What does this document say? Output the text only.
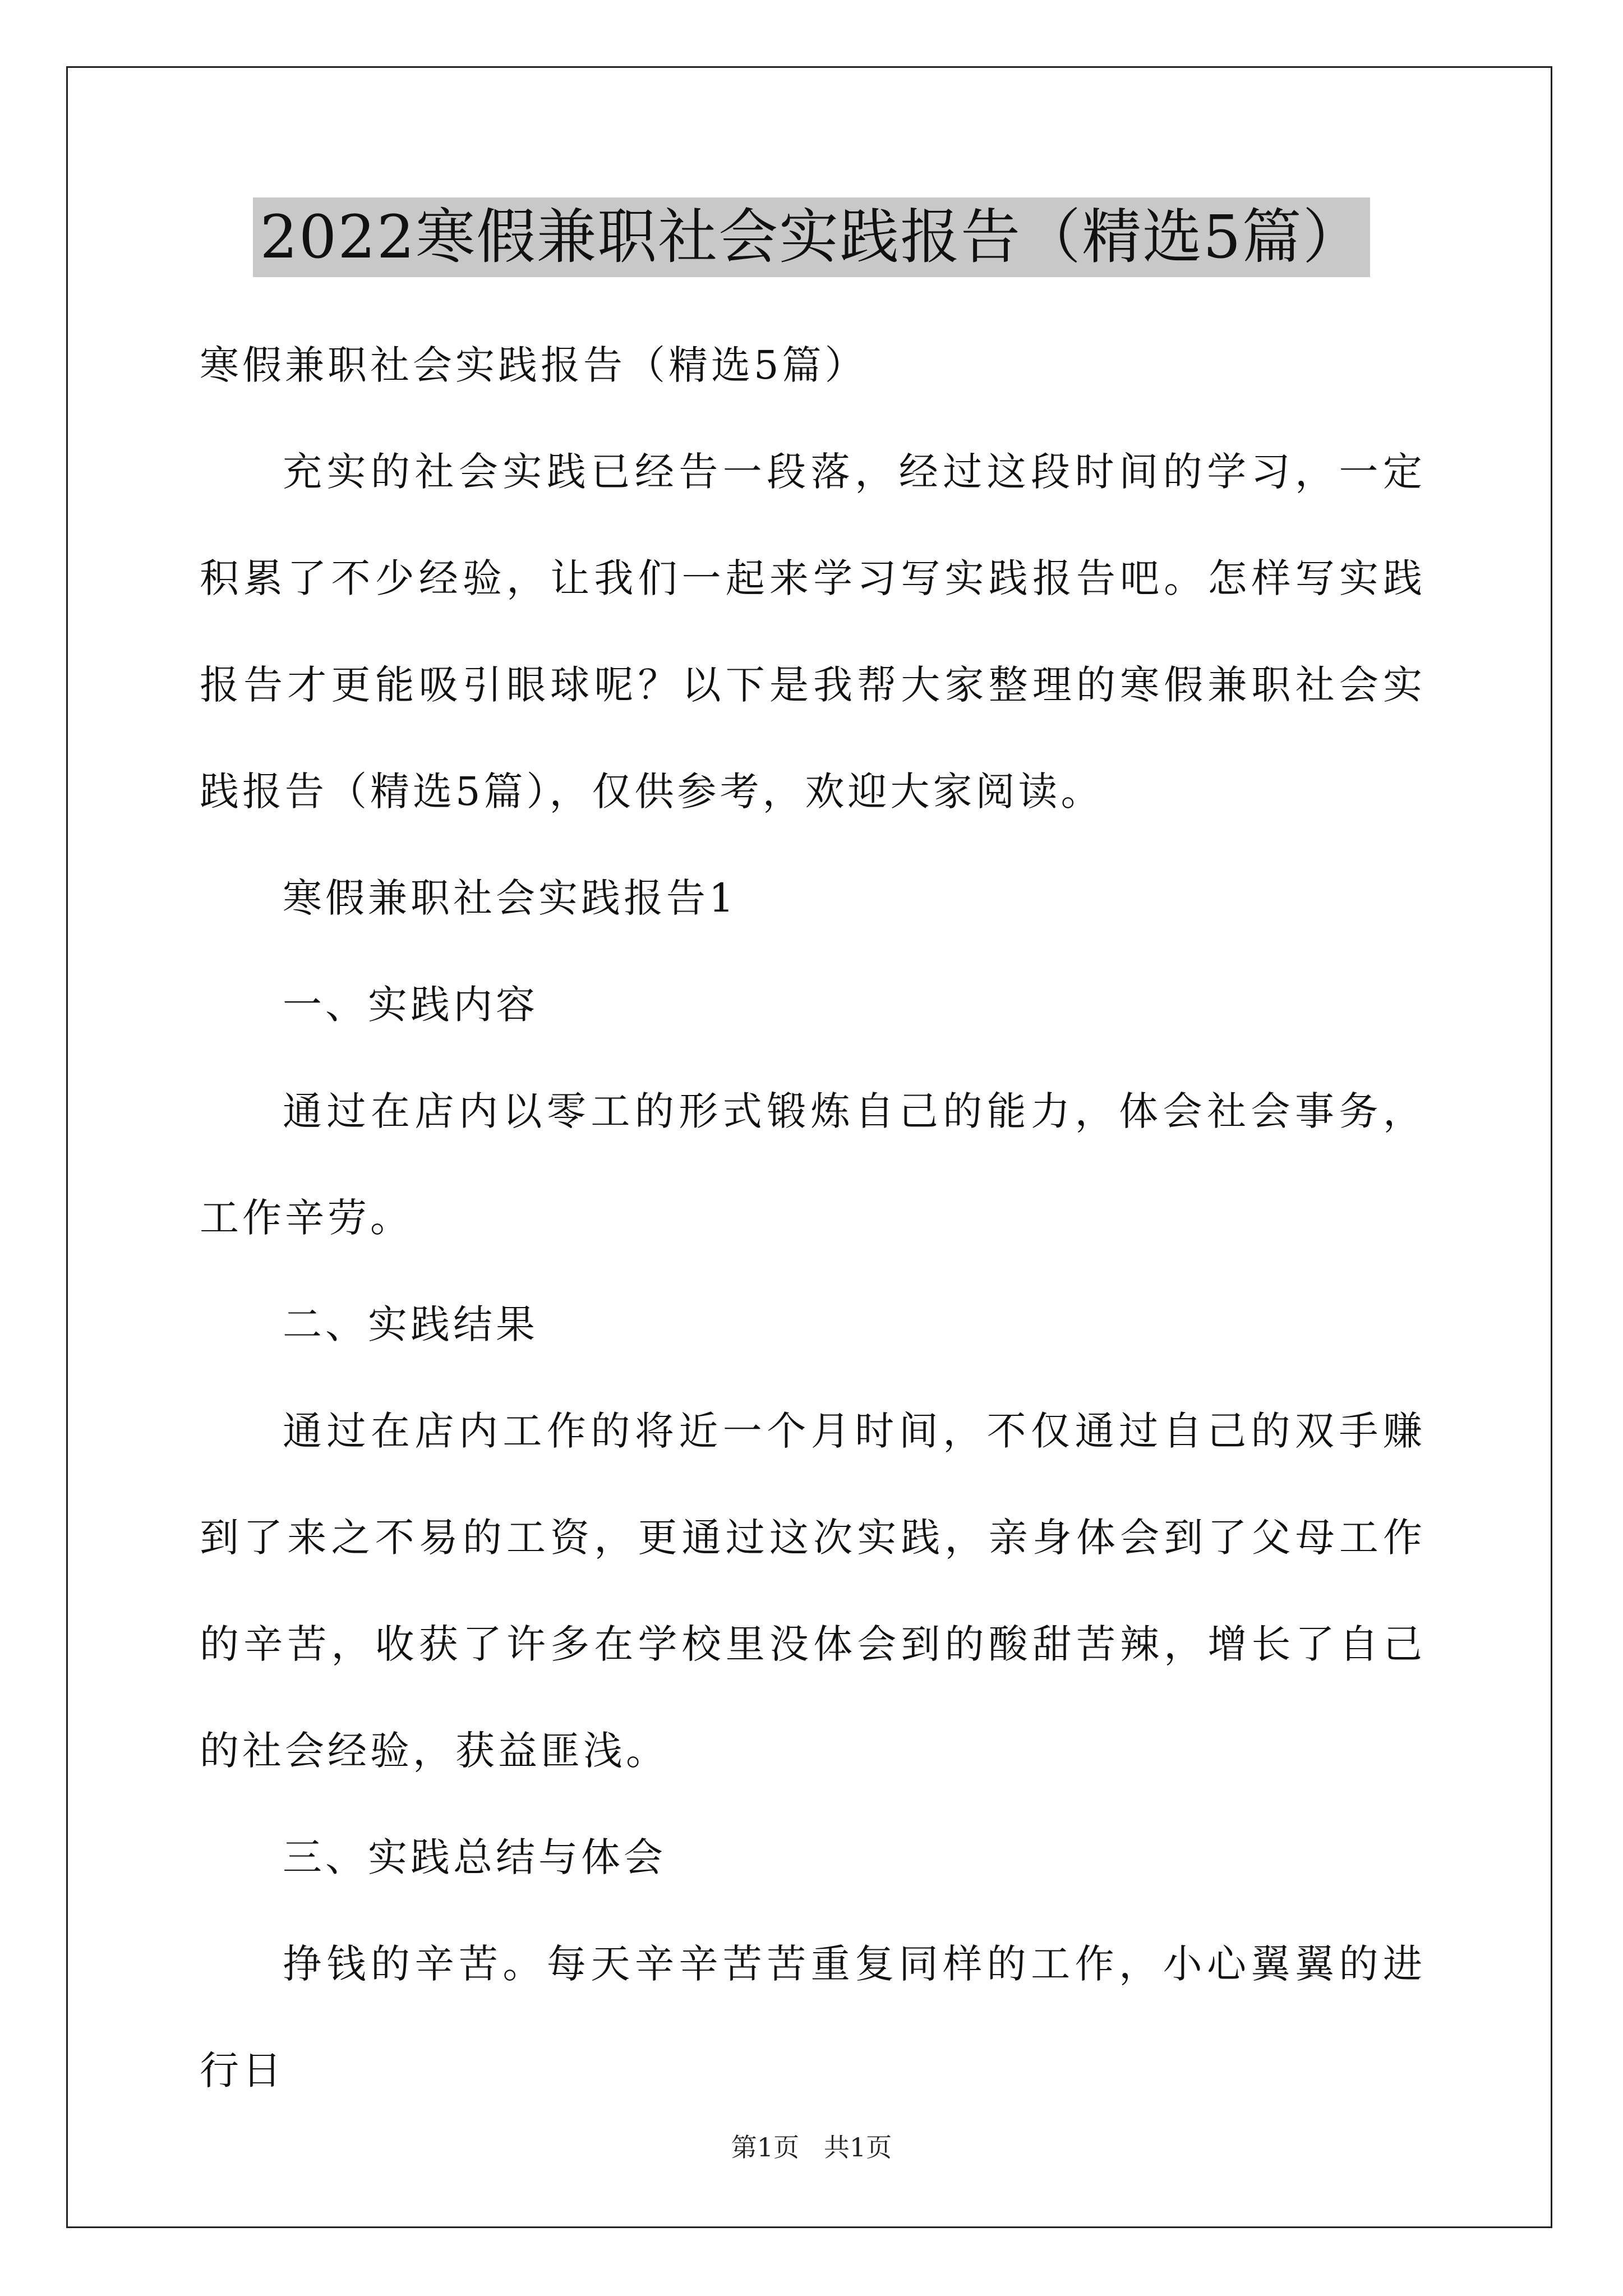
2022寒假兼职社会实践报告（精选5篇）

寒假兼职社会实践报告（精选5篇）

充实的社会实践已经告一段落，经过这段时间的学习，一定积累了不少经验，让我们一起来学习写实践报告吧。怎样写实践报告才更能吸引眼球呢？以下是我帮大家整理的寒假兼职社会实践报告（精选5篇），仅供参考，欢迎大家阅读。

寒假兼职社会实践报告1

一、实践内容

通过在店内以零工的形式锻炼自己的能力，体会社会事务，工作辛劳。

二、实践结果

通过在店内工作的将近一个月时间，不仅通过自己的双手赚到了来之不易的工资，更通过这次实践，亲身体会到了父母工作的辛苦，收获了许多在学校里没体会到的酸甜苦辣，增长了自己的社会经验，获益匪浅。

三、实践总结与体会

挣钱的辛苦。每天辛辛苦苦重复同样的工作，小心翼翼的进行日

第1页   共1页
